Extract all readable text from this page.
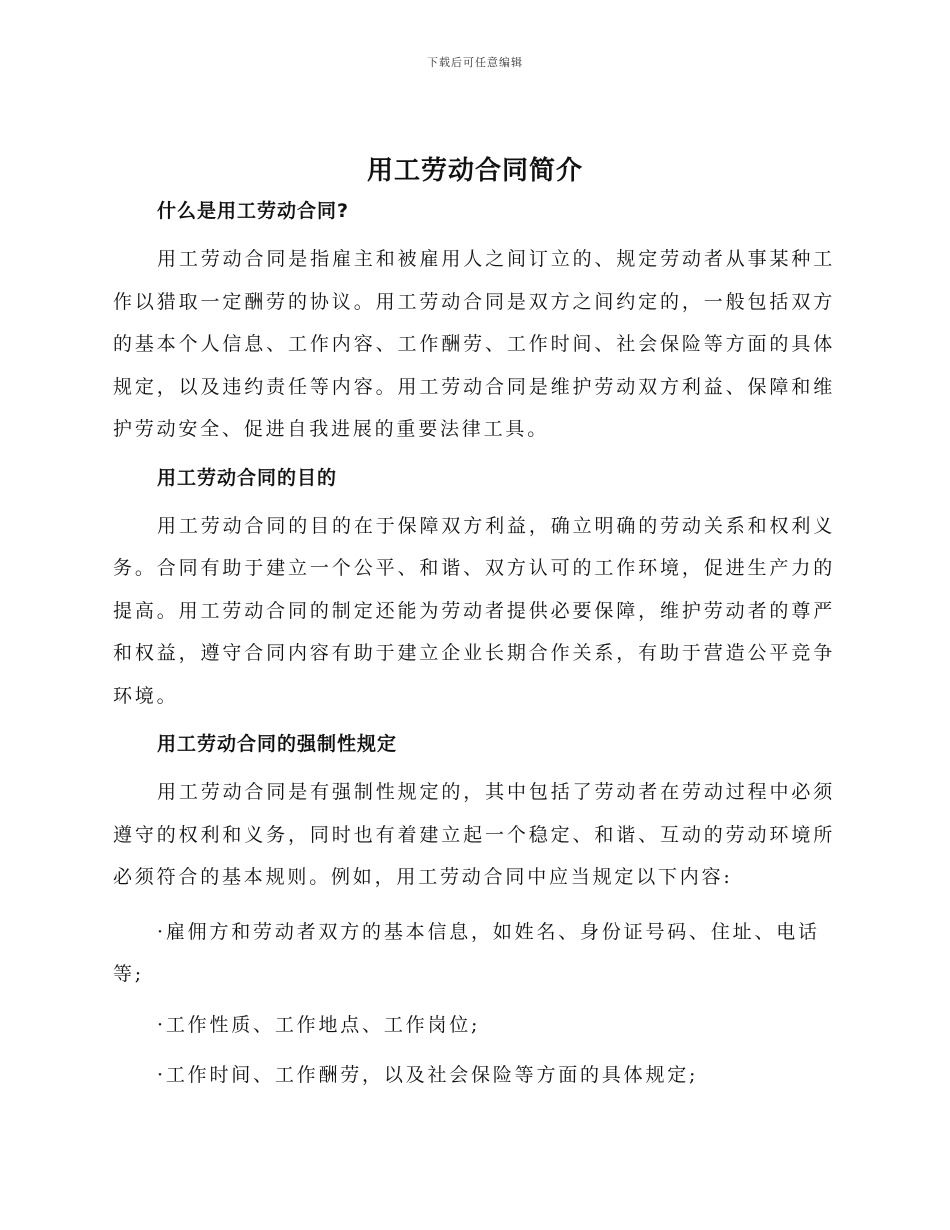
下载后可任意编辑
用工劳动合同简介
什么是用工劳动合同?

用工劳动合同是指雇主和被雇用人之间订立的、规定劳动者从事某种工作以猎取一定酬劳的协议。用工劳动合同是双方之间约定的，一般包括双方的基本个人信息、工作内容、工作酬劳、工作时间、社会保险等方面的具体规定，以及违约责任等内容。用工劳动合同是维护劳动双方利益、保障和维护劳动安全、促进自我进展的重要法律工具。

用工劳动合同的目的

用工劳动合同的目的在于保障双方利益，确立明确的劳动关系和权利义务。合同有助于建立一个公平、和谐、双方认可的工作环境，促进生产力的提高。用工劳动合同的制定还能为劳动者提供必要保障，维护劳动者的尊严和权益，遵守合同内容有助于建立企业长期合作关系，有助于营造公平竞争环境。

用工劳动合同的强制性规定

用工劳动合同是有强制性规定的，其中包括了劳动者在劳动过程中必须遵守的权利和义务，同时也有着建立起一个稳定、和谐、互动的劳动环境所必须符合的基本规则。例如，用工劳动合同中应当规定以下内容:

·雇佣方和劳动者双方的基本信息，如姓名、身份证号码、住址、电话等;

·工作性质、工作地点、工作岗位;

·工作时间、工作酬劳，以及社会保险等方面的具体规定;
